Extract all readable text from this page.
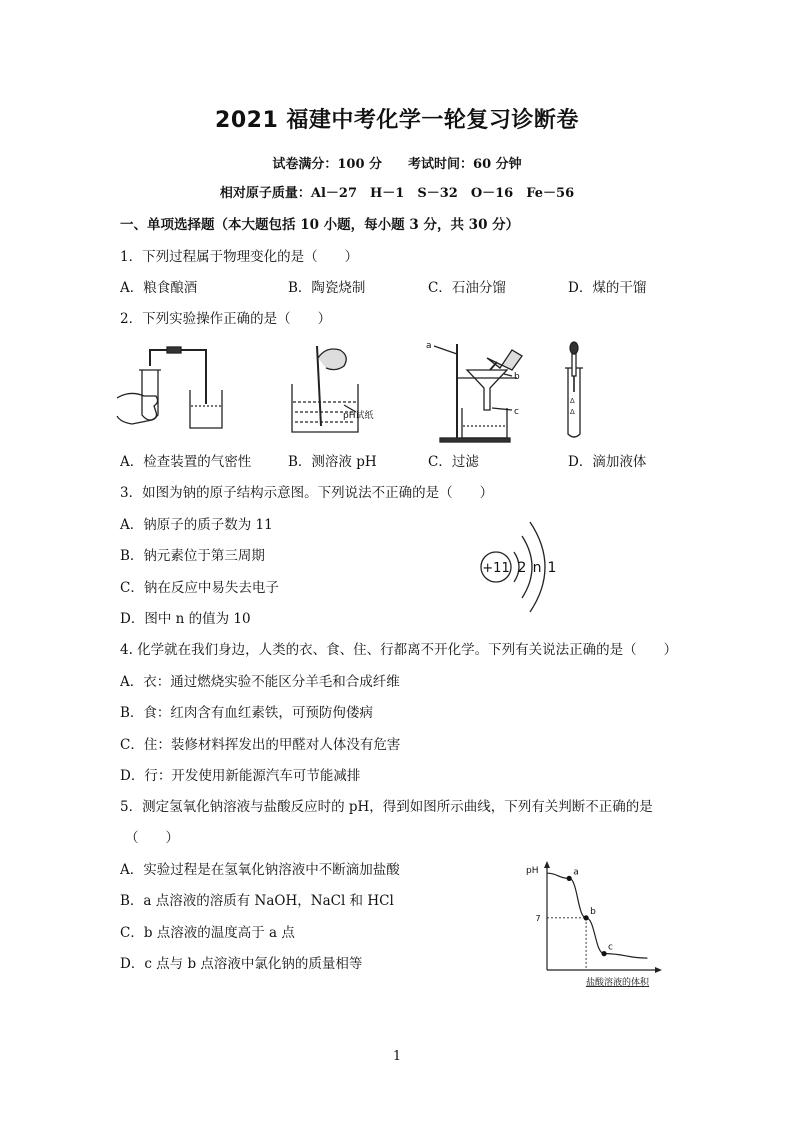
2021 福建中考化学一轮复习诊断卷
试卷满分：100 分　　考试时间：60 分钟
相对原子质量：Al－27　H－1　S－32　O－16　Fe－56
一、单项选择题（本大题包括 10 小题，每小题 3 分，共 30 分）
1．下列过程属于物理变化的是（　　）
A．粮食酿酒	B．陶瓷烧制	C．石油分馏	D．煤的干馏
2．下列实验操作正确的是（　　）
pH试纸
a
b
c
∆
∆
A．检查装置的气密性	B．测溶液 pH	C．过滤	D．滴加液体
3．如图为钠的原子结构示意图。下列说法不正确的是（　　）
A．钠原子的质子数为 11
B．钠元素位于第三周期
C．钠在反应中易失去电子
D．图中 n 的值为 10
+11 2 n 1
4. 化学就在我们身边，人类的衣、食、住、行都离不开化学。下列有关说法正确的是（　　）
A．衣：通过燃烧实验不能区分羊毛和合成纤维
B．食：红肉含有血红素铁，可预防佝偻病
C．住：装修材料挥发出的甲醛对人体没有危害
D．行：开发使用新能源汽车可节能减排
5．测定氢氧化钠溶液与盐酸反应时的 pH，得到如图所示曲线，下列有关判断不正确的是
（　　）
A．实验过程是在氢氧化钠溶液中不断滴加盐酸
B．a 点溶液的溶质有 NaOH，NaCl 和 HCl
C．b 点溶液的温度高于 a 点
D．c 点与 b 点溶液中氯化钠的质量相等
pH
7
a
b
c
盐酸溶液的体积
1
